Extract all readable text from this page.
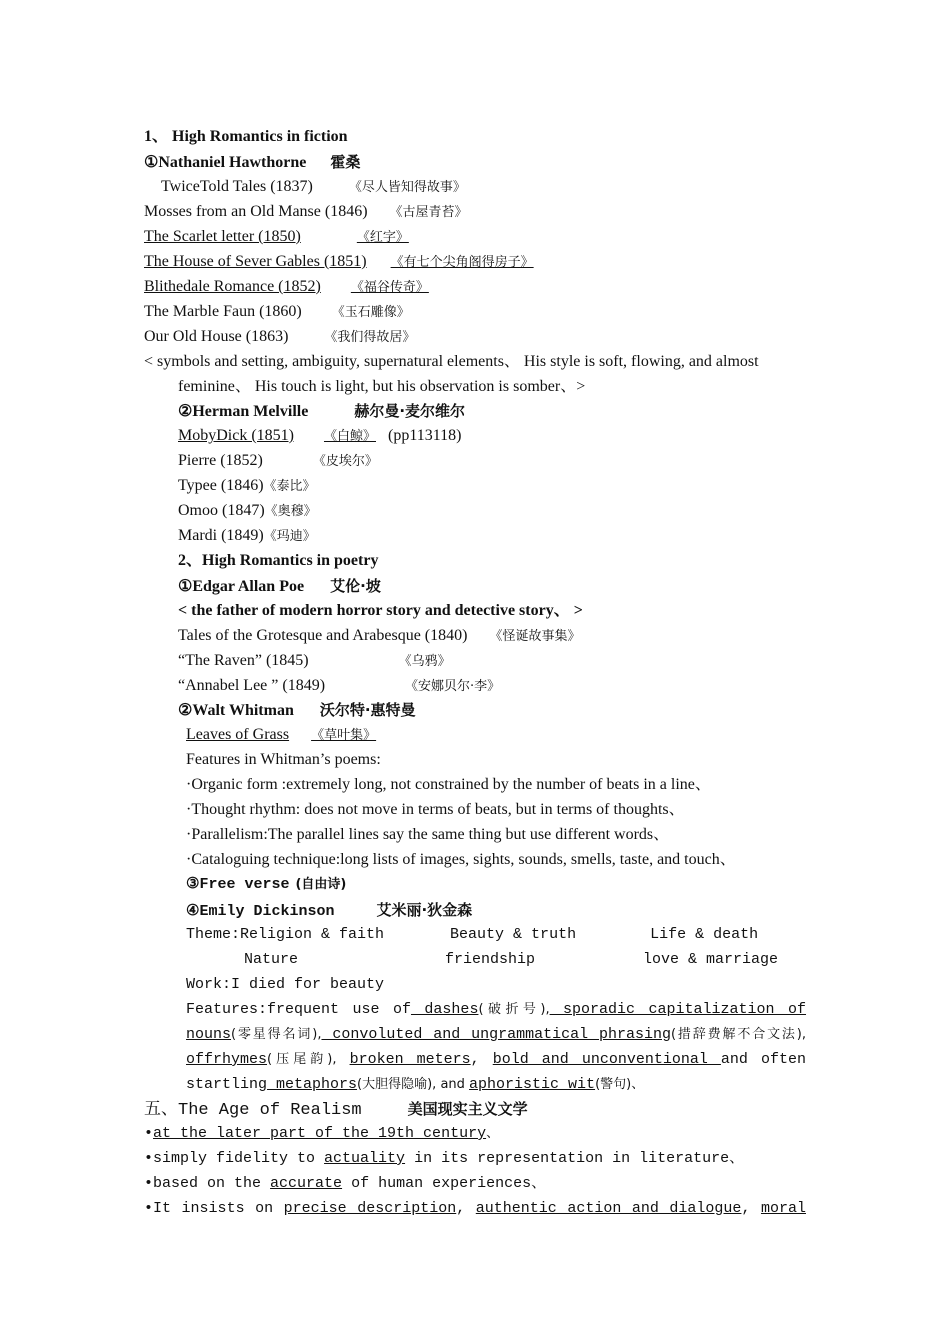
1、 High Romantics in fiction
①Nathaniel Hawthorne 霍桑
TwiceTold Tales (1837)	《尽人皆知得故事》
Mosses from an Old Manse (1846) 《古屋青苔》
The Scarlet letter (1850)	《红字》
The House of Sever Gables (1851) 《有七个尖角阁得房子》
Blithedale Romance (1852) 《福谷传奇》
The Marble Faun (1860) 《玉石雕像》
Our Old House (1863)	《我们得故居》
< symbols and setting, ambiguity, supernatural elements、 His style is soft, flowing, and almost
feminine、 His touch is light, but his observation is somber、>
②Herman Melville	赫尔曼·麦尔维尔
MobyDick (1851) 《白鲸》 (pp113118)
Pierre (1852)	《皮埃尔》
Typee (1846)《泰比》
Omoo (1847)《奥穆》
Mardi (1849)《玛迪》
2、High Romantics in poetry
①Edgar Allan Poe 艾伦·坡
< the father of modern horror story and detective story、 >
Tales of the Grotesque and Arabesque (1840) 《怪诞故事集》
“The Raven” (1845)	《乌鸦》
“Annabel Lee ” (1849)	《安娜贝尔·李》
②Walt Whitman 沃尔特·惠特曼
Leaves of Grass 《草叶集》
Features in Whitman’s poems:
·Organic form :extremely long, not constrained by the number of beats in a line、
·Thought rhythm: does not move in terms of beats, but in terms of thoughts、
·Parallelism:The parallel lines say the same thing but use different words、
·Cataloguing technique:long lists of images, sights, sounds, smells, taste, and touch、
③Free verse (自由诗)
④Emily Dickinson	艾米丽·狄金森
Theme:Religion & faith	Beauty & truth	Life & death
Nature	friendship	love & marriage
Work:I died for beauty
Features:frequent use of dashes(破折号), sporadic capitalization of
nouns(零星得名词), convoluted and ungrammatical phrasing(措辞费解不合文法),
offrhymes(压尾韵), broken meters, bold and unconventional and often
startling metaphors(大胆得隐喻), and aphoristic wit(警句)、
五、The Age of Realism	美国现实主义文学
•at the later part of the 19th century、
•simply fidelity to actuality in its representation in literature、
•based on the accurate of human experiences、
•It insists on precise description, authentic action and dialogue, moral
